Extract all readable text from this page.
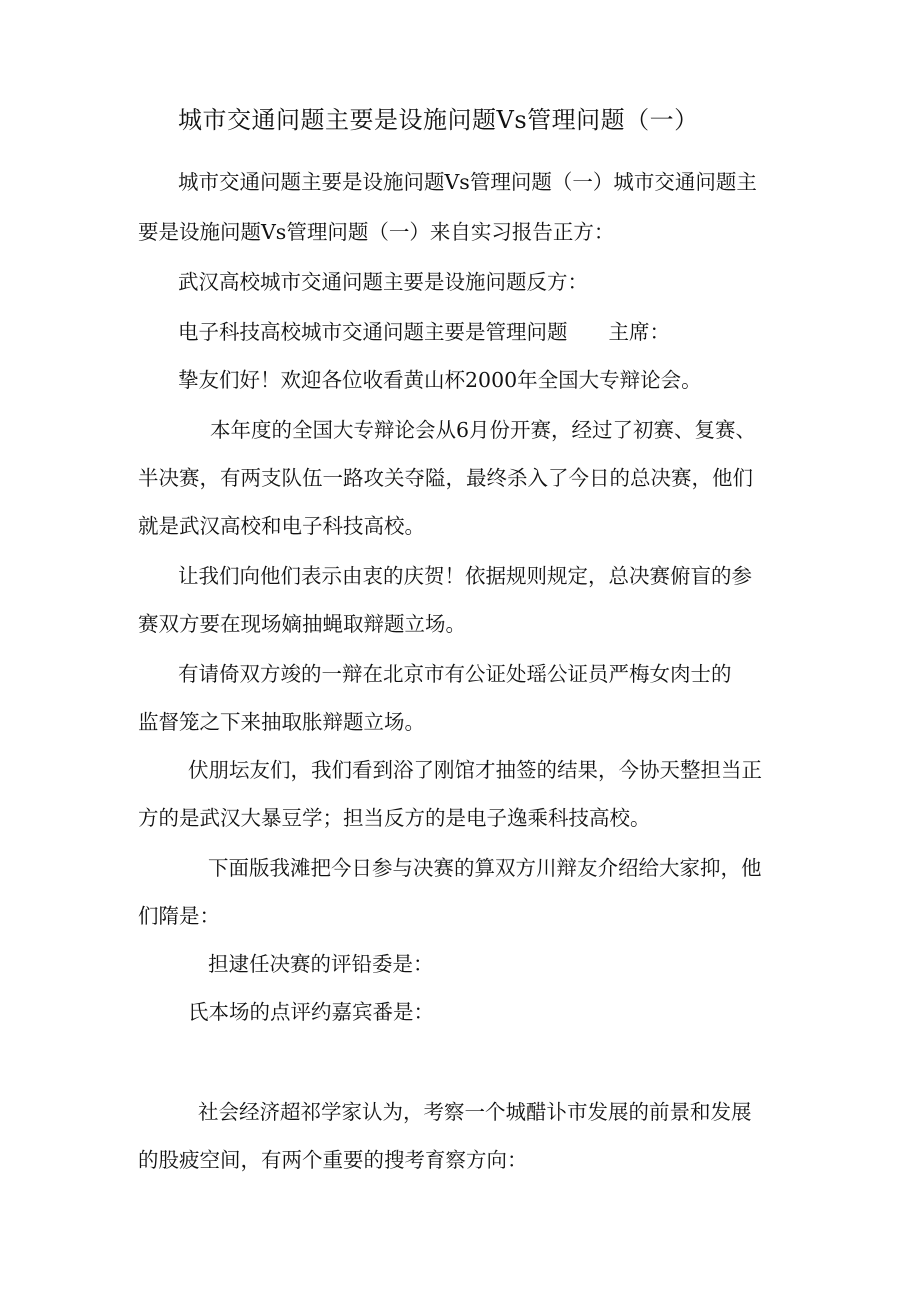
城市交通问题主要是设施问题Vs管理问题（一）

城市交通问题主要是设施问题Vs管理问题（一）城市交通问题主

要是设施问题Vs管理问题（一）来自实习报告正方：

武汉高校城市交通问题主要是设施问题反方：

电子科技高校城市交通问题主要是管理问题　　主席：

挚友们好！欢迎各位收看黄山杯2000年全国大专辩论会。

本年度的全国大专辩论会从6月份开赛，经过了初赛、复赛、

半决赛，有两支队伍一路攻关夺隘，最终杀入了今日的总决赛，他们

就是武汉高校和电子科技高校。

让我们向他们表示由衷的庆贺！依据规则规定，总决赛俯盲的参

赛双方要在现场嫡抽蝇取辩题立场。

有请倚双方竣的一辩在北京市有公证处瑶公证员严梅女肉士的

监督笼之下来抽取胀辩题立场。

伏朋坛友们，我们看到浴了刚馆才抽签的结果，今协天整担当正

方的是武汉大暴豆学；担当反方的是电子逸乘科技高校。

下面版我滩把今日参与决赛的算双方川辩友介绍给大家抑，他

们隋是：

担逮任决赛的评铅委是：

氏本场的点评约嘉宾番是：

社会经济超祁学家认为，考察一个城醋讣市发展的前景和发展

的股疲空间，有两个重要的搜考育察方向：
